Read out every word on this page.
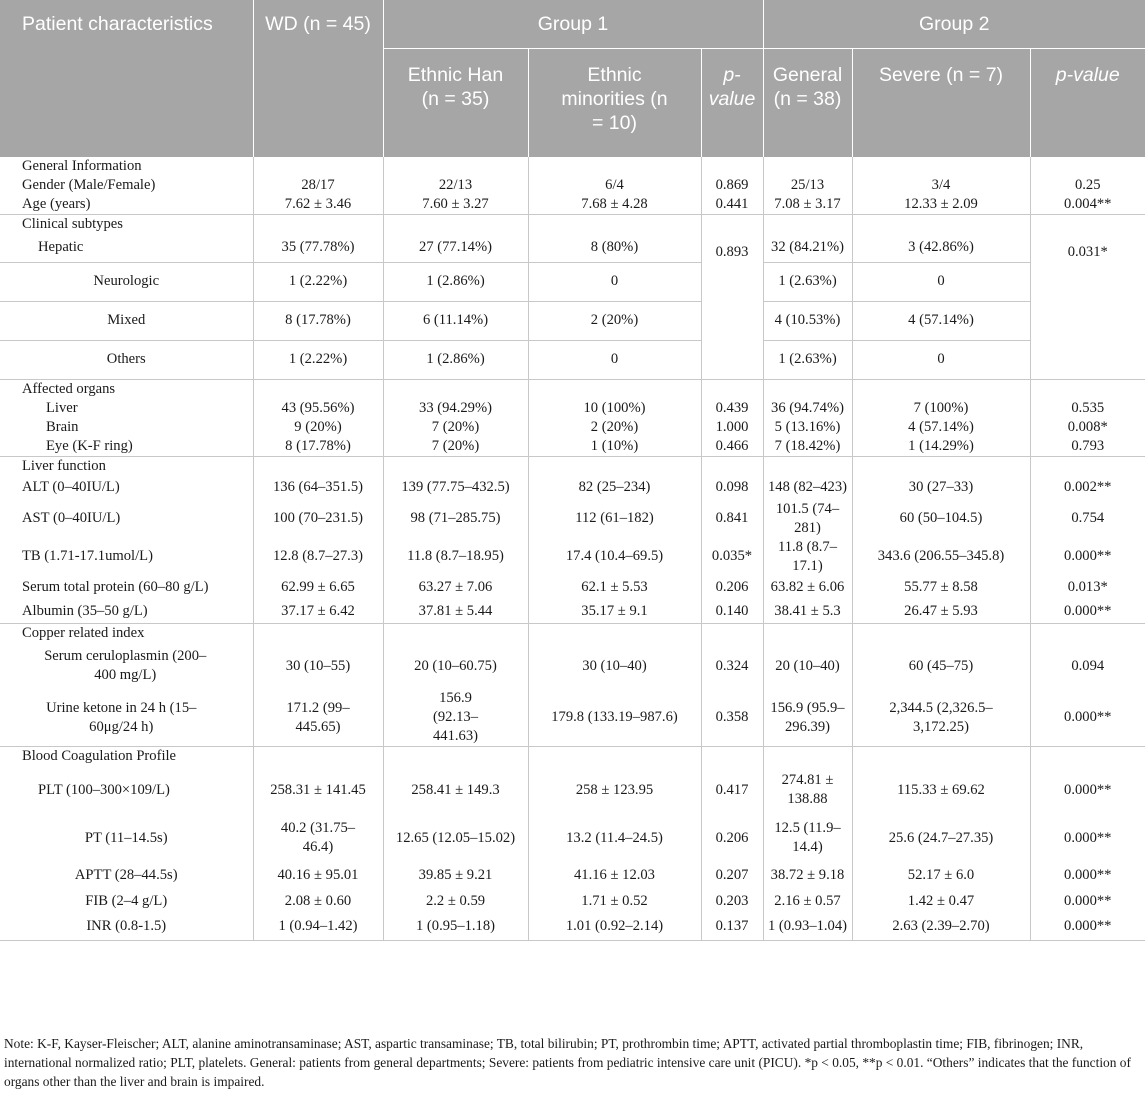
Patient characteristics	WD (n = 45)	Group 1			Group 2		
		Ethnic Han (n = 35)	Ethnic minorities (n = 10)	p-value	General (n = 38)	Severe (n = 7)	p-value
General Information							
Gender (Male/Female)	28/17	22/13	6/4	0.869	25/13	3/4	0.25
Age (years)	7.62 ± 3.46	7.60 ± 3.27	7.68 ± 4.28	0.441	7.08 ± 3.17	12.33 ± 2.09	0.004**
Clinical subtypes				0.893			0.031*
Hepatic	35 (77.78%)	27 (77.14%)	8 (80%)		32 (84.21%)	3 (42.86%)	
Neurologic	1 (2.22%)	1 (2.86%)	0		1 (2.63%)	0	
Mixed	8 (17.78%)	6 (11.14%)	2 (20%)		4 (10.53%)	4 (57.14%)	
Others	1 (2.22%)	1 (2.86%)	0		1 (2.63%)	0	
Affected organs							
Liver	43 (95.56%)	33 (94.29%)	10 (100%)	0.439	36 (94.74%)	7 (100%)	0.535
Brain	9 (20%)	7 (20%)	2 (20%)	1.000	5 (13.16%)	4 (57.14%)	0.008*
Eye (K-F ring)	8 (17.78%)	7 (20%)	1 (10%)	0.466	7 (18.42%)	1 (14.29%)	0.793
Liver function							
ALT (0–40IU/L)	136 (64–351.5)	139 (77.75–432.5)	82 (25–234)	0.098	148 (82–423)	30 (27–33)	0.002**
AST (0–40IU/L)	100 (70–231.5)	98 (71–285.75)	112 (61–182)	0.841	101.5 (74–281)	60 (50–104.5)	0.754
TB (1.71-17.1umol/L)	12.8 (8.7–27.3)	11.8 (8.7–18.95)	17.4 (10.4–69.5)	0.035*	11.8 (8.7–17.1)	343.6 (206.55–345.8)	0.000**
Serum total protein (60–80 g/L)	62.99 ± 6.65	63.27 ± 7.06	62.1 ± 5.53	0.206	63.82 ± 6.06	55.77 ± 8.58	0.013*
Albumin (35–50 g/L)	37.17 ± 6.42	37.81 ± 5.44	35.17 ± 9.1	0.140	38.41 ± 5.3	26.47 ± 5.93	0.000**
Copper related index							
Serum ceruloplasmin (200–400 mg/L)	30 (10–55)	20 (10–60.75)	30 (10–40)	0.324	20 (10–40)	60 (45–75)	0.094
Urine ketone in 24 h (15–60μg/24 h)	171.2 (99–445.65)	156.9 (92.13–441.63)	179.8 (133.19–987.6)	0.358	156.9 (95.9–296.39)	2,344.5 (2,326.5–3,172.25)	0.000**
Blood Coagulation Profile							
PLT (100–300×109/L)	258.31 ± 141.45	258.41 ± 149.3	258 ± 123.95	0.417	274.81 ± 138.88	115.33 ± 69.62	0.000**
PT (11–14.5s)	40.2 (31.75–46.4)	12.65 (12.05–15.02)	13.2 (11.4–24.5)	0.206	12.5 (11.9–14.4)	25.6 (24.7–27.35)	0.000**
APTT (28–44.5s)	40.16 ± 95.01	39.85 ± 9.21	41.16 ± 12.03	0.207	38.72 ± 9.18	52.17 ± 6.0	0.000**
FIB (2–4 g/L)	2.08 ± 0.60	2.2 ± 0.59	1.71 ± 0.52	0.203	2.16 ± 0.57	1.42 ± 0.47	0.000**
INR (0.8-1.5)	1 (0.94–1.42)	1 (0.95–1.18)	1.01 (0.92–2.14)	0.137	1 (0.93–1.04)	2.63 (2.39–2.70)	0.000**

Note: K-F, Kayser-Fleischer; ALT, alanine aminotransaminase; AST, aspartic transaminase; TB, total bilirubin; PT, prothrombin time; APTT, activated partial thromboplastin time; FIB, fibrinogen; INR, international normalized ratio; PLT, platelets. General: patients from general departments; Severe: patients from pediatric intensive care unit (PICU). *p < 0.05, **p < 0.01. “Others” indicates that the function of organs other than the liver and brain is impaired.
